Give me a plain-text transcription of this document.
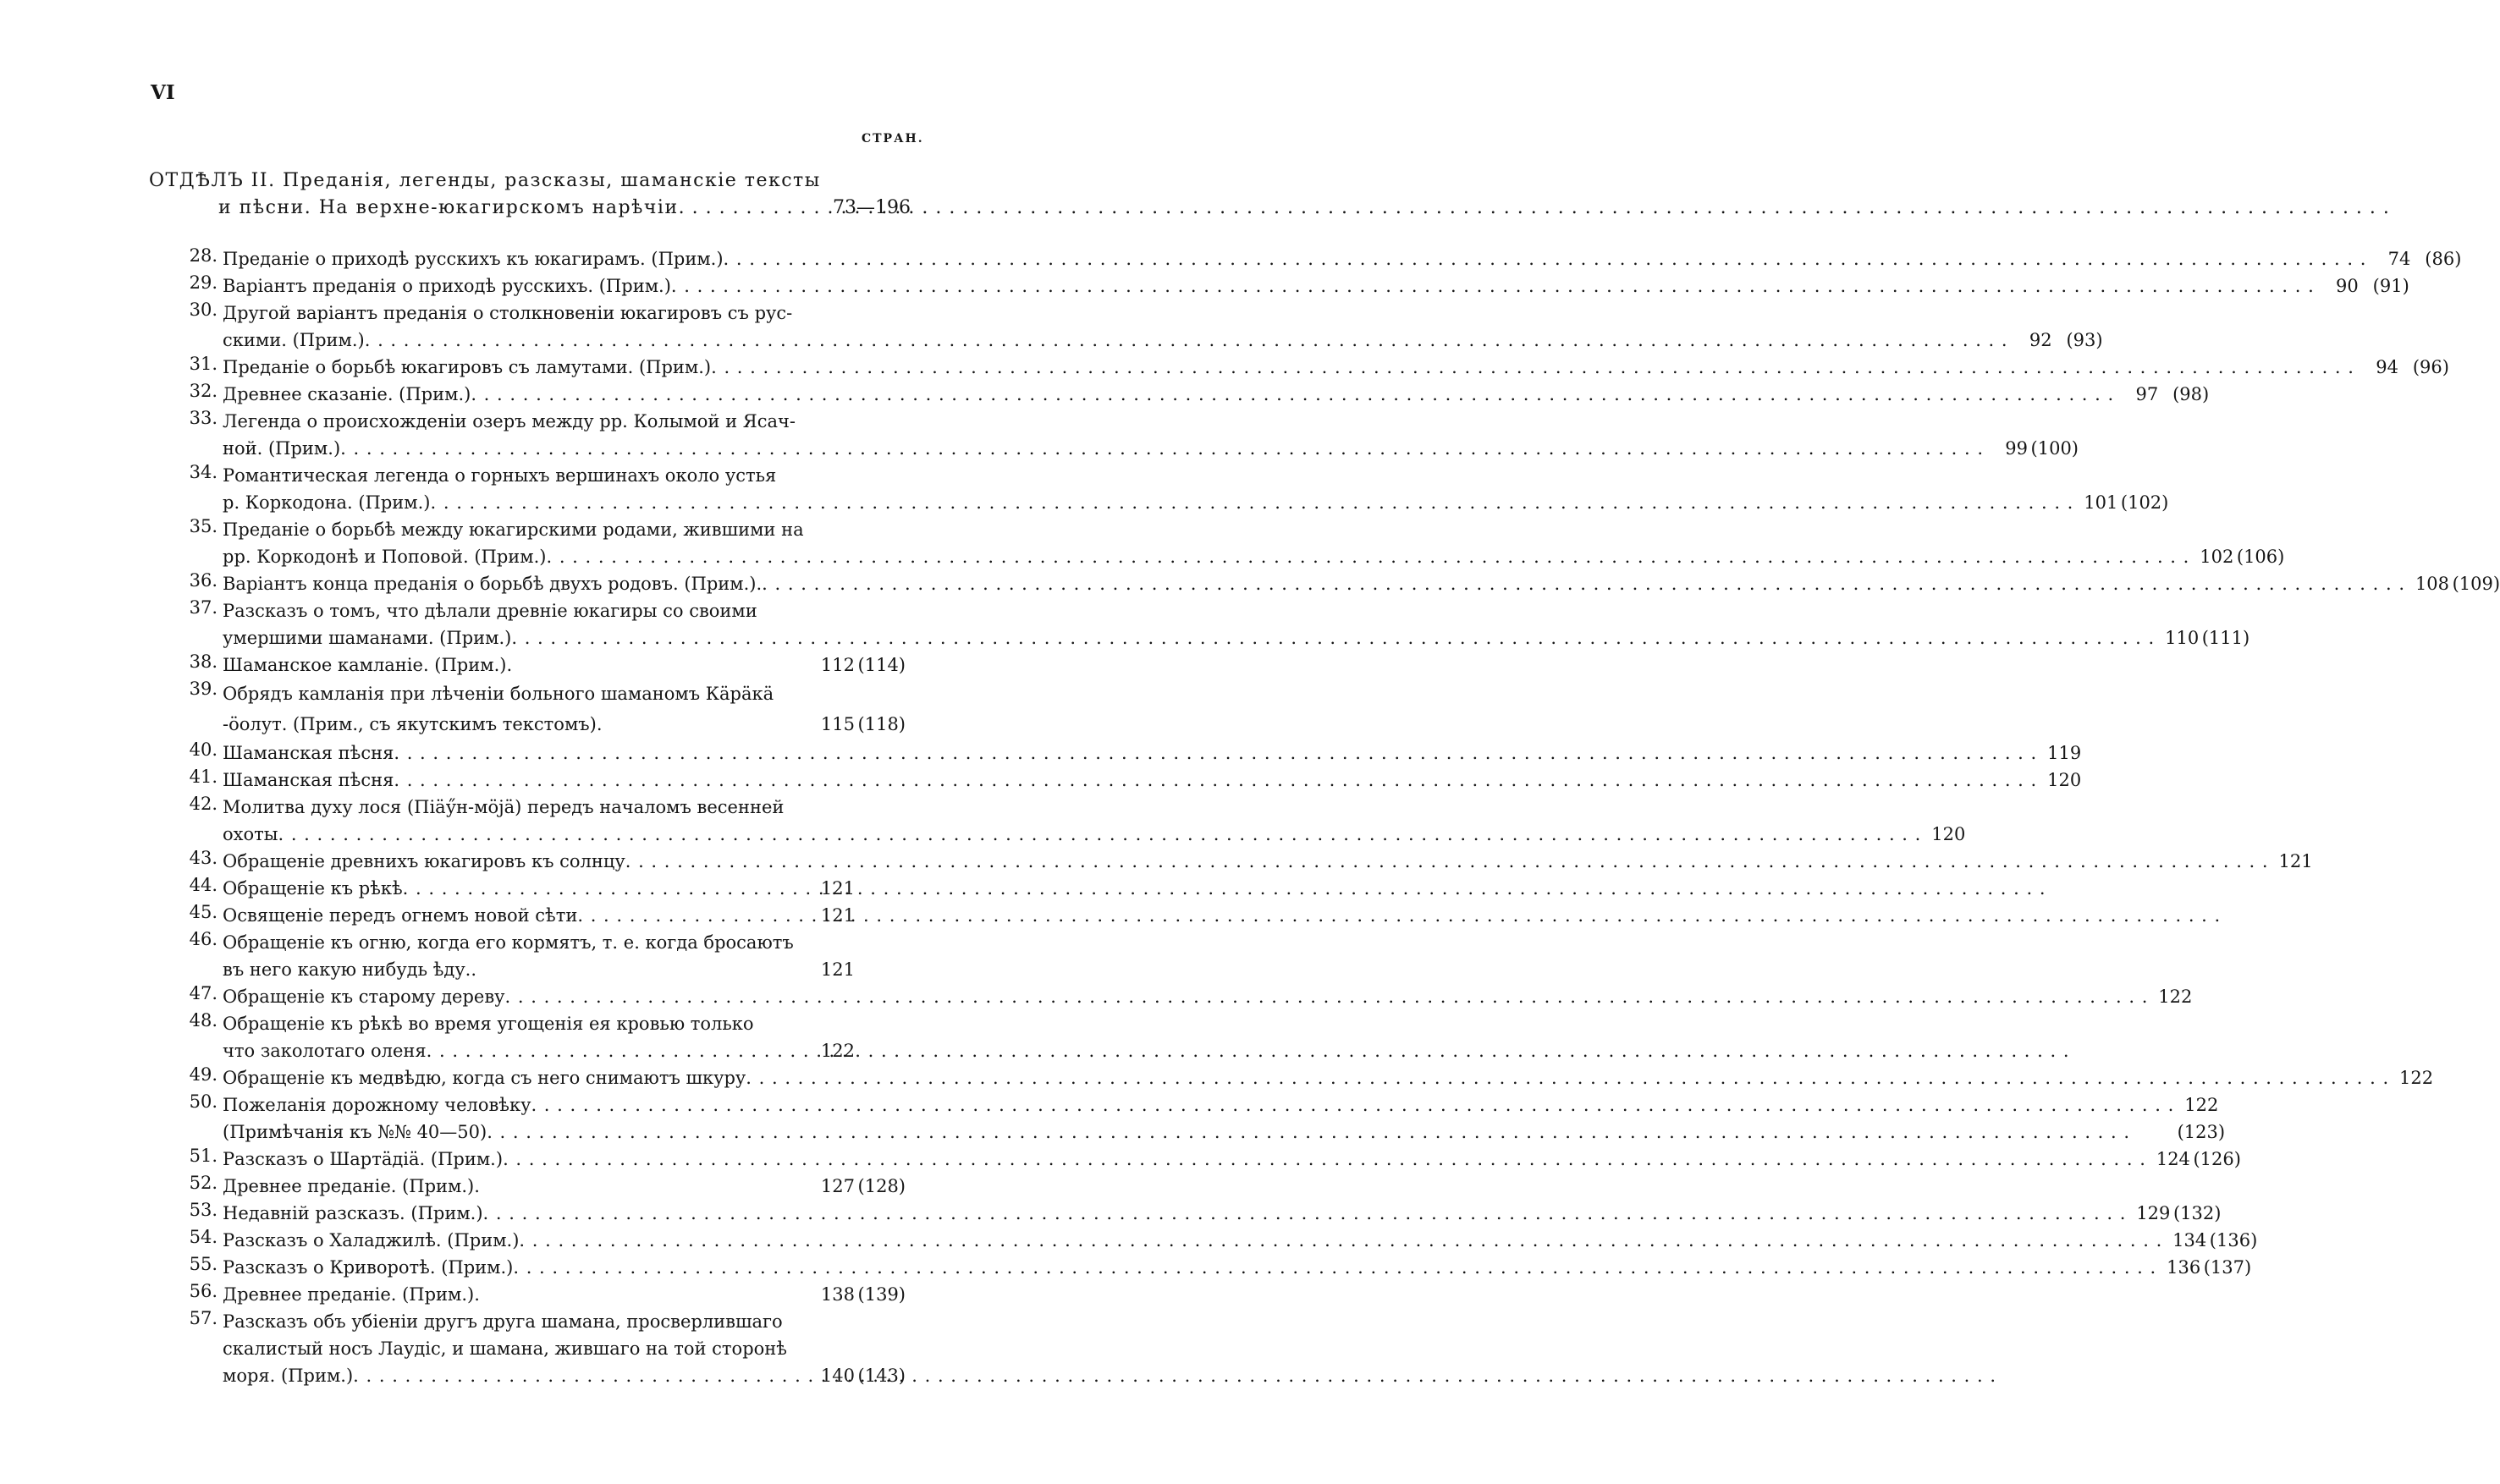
VI
СТРАН.
ОТДѢЛЪ II. Преданія, легенды, разсказы, шаманскіе тексты
и пѣсни. На верхне-юкагирскомъ нарѣчіи . . .	73—196
28. Преданіе о приходѣ русскихъ къ юкагирамъ. (Прим.) . . .	74 (86)
29. Варіантъ преданія о приходѣ русскихъ. (Прим.) . . .	90 (91)
30. Другой варіантъ преданія о столкновеніи юкагировъ съ рус-
скими. (Прим.) . . .	92 (93)
31. Преданіе о борьбѣ юкагировъ съ ламутами. (Прим.) . . .	94 (96)
32. Древнее сказаніе. (Прим.) . . .	97 (98)
33. Легенда о происхожденіи озеръ между рр. Колымой и Ясач-
ной. (Прим.) . . .	99 (100)
34. Романтическая легенда о горныхъ вершинахъ около устья
р. Коркодона. (Прим.) . . .	101 (102)
35. Преданіе о борьбѣ между юкагирскими родами, жившими на
рр. Коркодонѣ и Поповой. (Прим.) . . .	102 (106)
36. Варіантъ конца преданія о борьбѣ двухъ родовъ. (Прим.). . . .	108 (109)
37. Разсказъ о томъ, что дѣлали древніе юкагиры со своими
умершими шаманами. (Прим.) . . .	110 (111)
38. Шаманское камланіе. (Прим.).	112 (114)
39. Обрядъ камланія при лѣченіи больного шаманомъ Кӓрӓкӓ
-ӧолут. (Прим., съ якутскимъ текстомъ).	115 (118)
40. Шаманская пѣсня . . .	119
41. Шаманская пѣсня . . .	120
42. Молитва духу лося (Піӓӳн-мӧјӓ) передъ началомъ весенней
охоты . . .	120
43. Обращеніе древнихъ юкагировъ къ солнцу . . .	121
44. Обращеніе къ рѣкѣ . . .	121
45. Освященіе передъ огнемъ новой сѣти . . .	121
46. Обращеніе къ огню, когда его кормятъ, т. е. когда бросаютъ
въ него какую нибудь ѣду..	121
47. Обращеніе къ старому дереву . . .	122
48. Обращеніе къ рѣкѣ во время угощенія ея кровью только
что заколотаго оленя . . .	122
49. Обращеніе къ медвѣдю, когда съ него снимаютъ шкуру . . .	122
50. Пожеланія дорожному человѣку . . .	122
(Примѣчанія къ №№ 40—50) . . .	(123)
51. Разсказъ о Шартӓдіӓ. (Прим.) . . .	124 (126)
52. Древнее преданіе. (Прим.).	127 (128)
53. Недавній разсказъ. (Прим.) . . .	129 (132)
54. Разсказъ о Халаджилѣ. (Прим.) . . .	134 (136)
55. Разсказъ о Криворотѣ. (Прим.) . . .	136 (137)
56. Древнее преданіе. (Прим.).	138 (139)
57. Разсказъ объ убіеніи другъ друга шамана, просверлившаго
скалистый носъ Лаудіс, и шамана, жившаго на той сторонѣ
моря. (Прим.) . . .	140 (143)
